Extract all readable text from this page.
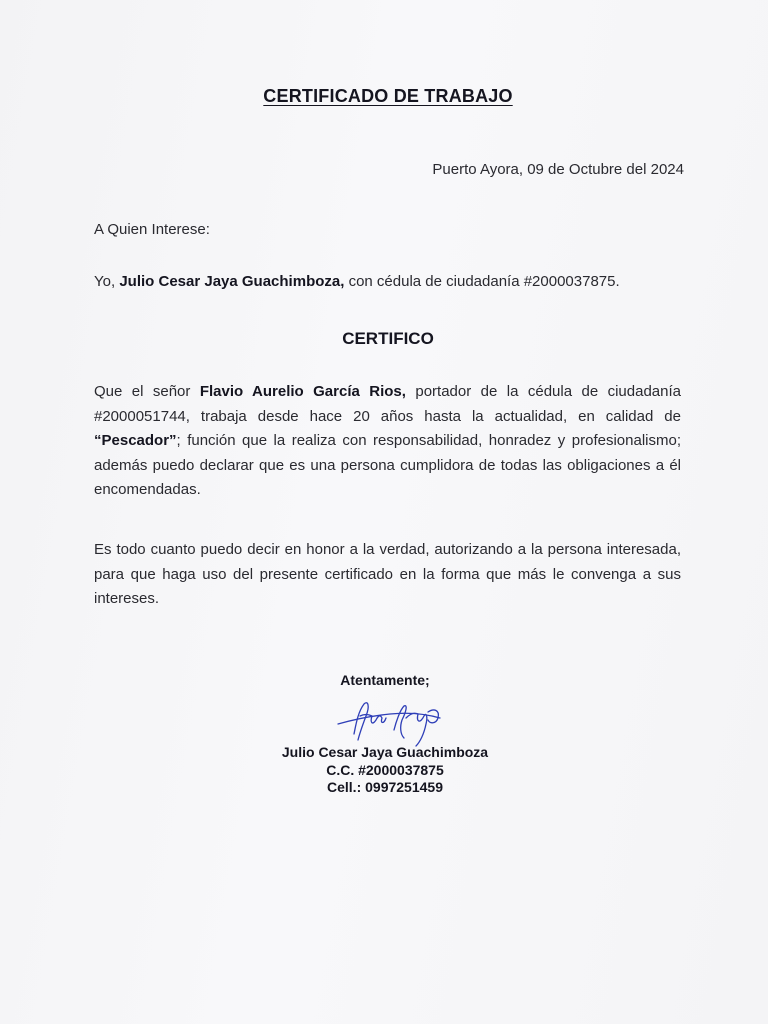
CERTIFICADO DE TRABAJO
Puerto Ayora, 09 de Octubre del 2024
A Quien Interese:
Yo, Julio Cesar Jaya Guachimboza, con cédula de ciudadanía #2000037875.
CERTIFICO
Que el señor Flavio Aurelio García Rios, portador de la cédula de ciudadanía #2000051744, trabaja desde hace 20 años hasta la actualidad, en calidad de “Pescador”; función que la realiza con responsabilidad, honradez y profesionalismo; además puedo declarar que es una persona cumplidora de todas las obligaciones a él encomendadas.
Es todo cuanto puedo decir en honor a la verdad, autorizando a la persona interesada, para que haga uso del presente certificado en la forma que más le convenga a sus intereses.
Atentamente;
Julio Cesar Jaya Guachimboza
C.C. #2000037875
Cell.: 0997251459
